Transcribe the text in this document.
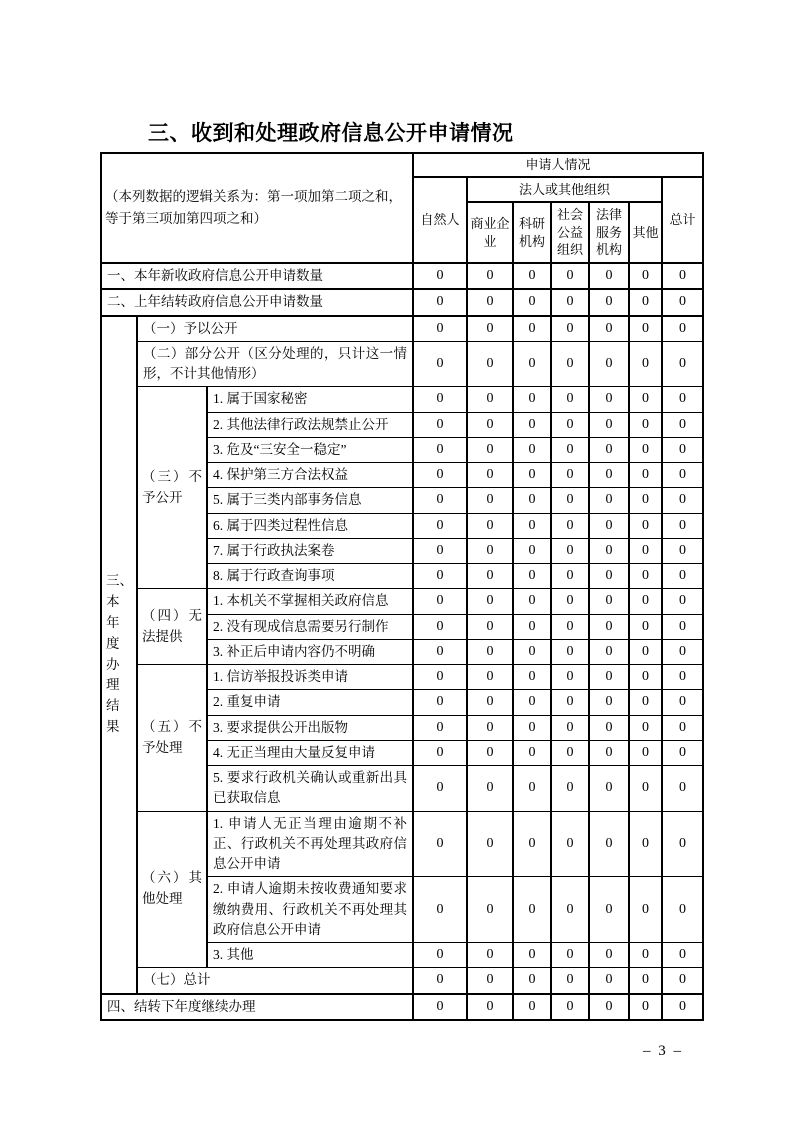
三、收到和处理政府信息公开申请情况
（本列数据的逻辑关系为：第一项加第二项之和，等于第三项加第四项之和）			申请人情况						
			自然人	法人或其他组织					总计
				商业企业	科研机构	社会公益组织	法律服务机构	其他	
一、本年新收政府信息公开申请数量			0	0	0	0	0	0	0
二、上年结转政府信息公开申请数量			0	0	0	0	0	0	0
三、本年度办理结果	（一）予以公开		0	0	0	0	0	0	0
	（二）部分公开（区分处理的，只计这一情形，不计其他情形）		0	0	0	0	0	0	0
	（三）不予公开	1. 属于国家秘密	0	0	0	0	0	0	0
		2. 其他法律行政法规禁止公开	0	0	0	0	0	0	0
		3. 危及“三安全一稳定”	0	0	0	0	0	0	0
		4. 保护第三方合法权益	0	0	0	0	0	0	0
		5. 属于三类内部事务信息	0	0	0	0	0	0	0
		6. 属于四类过程性信息	0	0	0	0	0	0	0
		7. 属于行政执法案卷	0	0	0	0	0	0	0
		8. 属于行政查询事项	0	0	0	0	0	0	0
	（四）无法提供	1. 本机关不掌握相关政府信息	0	0	0	0	0	0	0
		2. 没有现成信息需要另行制作	0	0	0	0	0	0	0
		3. 补正后申请内容仍不明确	0	0	0	0	0	0	0
	（五）不予处理	1. 信访举报投诉类申请	0	0	0	0	0	0	0
		2. 重复申请	0	0	0	0	0	0	0
		3. 要求提供公开出版物	0	0	0	0	0	0	0
		4. 无正当理由大量反复申请	0	0	0	0	0	0	0
		5. 要求行政机关确认或重新出具已获取信息	0	0	0	0	0	0	0
	（六）其他处理	1. 申请人无正当理由逾期不补正、行政机关不再处理其政府信息公开申请	0	0	0	0	0	0	0
		2. 申请人逾期未按收费通知要求缴纳费用、行政机关不再处理其政府信息公开申请	0	0	0	0	0	0	0
		3. 其他	0	0	0	0	0	0	0
	（七）总计		0	0	0	0	0	0	0
四、结转下年度继续办理			0	0	0	0	0	0	0
– 3 –
